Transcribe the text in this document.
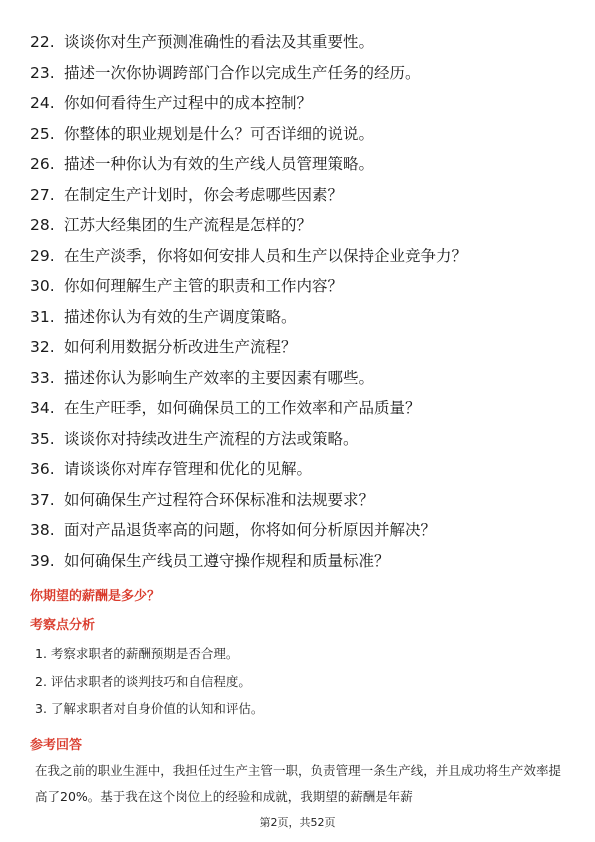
22. 谈谈你对生产预测准确性的看法及其重要性。
23. 描述一次你协调跨部门合作以完成生产任务的经历。
24. 你如何看待生产过程中的成本控制？
25. 你整体的职业规划是什么？可否详细的说说。
26. 描述一种你认为有效的生产线人员管理策略。
27. 在制定生产计划时，你会考虑哪些因素？
28. 江苏大经集团的生产流程是怎样的？
29. 在生产淡季，你将如何安排人员和生产以保持企业竞争力？
30. 你如何理解生产主管的职责和工作内容？
31. 描述你认为有效的生产调度策略。
32. 如何利用数据分析改进生产流程？
33. 描述你认为影响生产效率的主要因素有哪些。
34. 在生产旺季，如何确保员工的工作效率和产品质量？
35. 谈谈你对持续改进生产流程的方法或策略。
36. 请谈谈你对库存管理和优化的见解。
37. 如何确保生产过程符合环保标准和法规要求？
38. 面对产品退货率高的问题，你将如何分析原因并解决？
39. 如何确保生产线员工遵守操作规程和质量标准？
你期望的薪酬是多少？
考察点分析
1. 考察求职者的薪酬预期是否合理。
2. 评估求职者的谈判技巧和自信程度。
3. 了解求职者对自身价值的认知和评估。
参考回答
在我之前的职业生涯中，我担任过生产主管一职，负责管理一条生产线，并且成功将生产效率提高了20%。基于我在这个岗位上的经验和成就，我期望的薪酬是年薪
第2页，共52页
